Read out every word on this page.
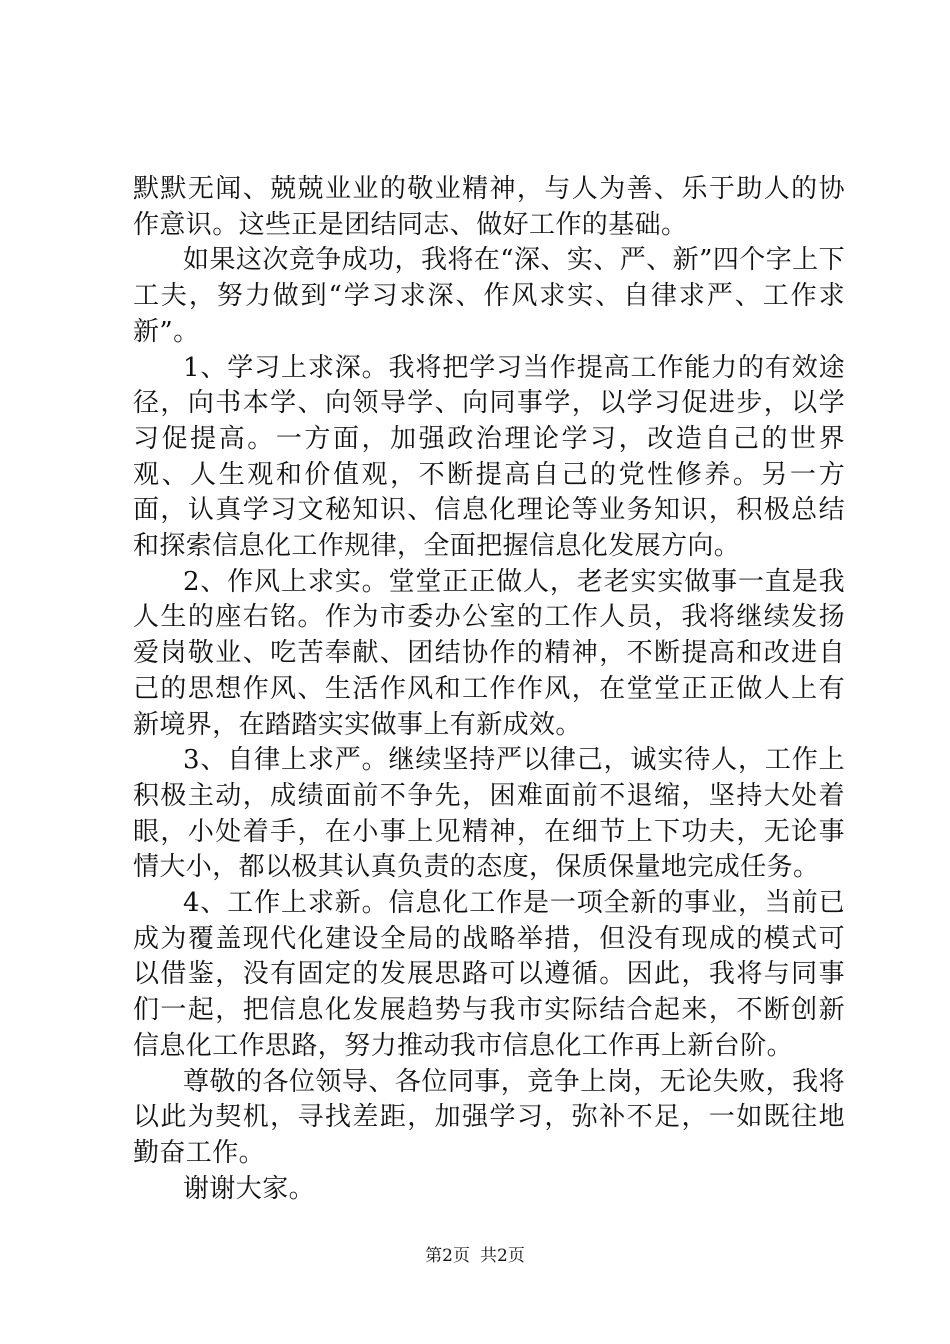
默默无闻、兢兢业业的敬业精神，与人为善、乐于助人的协作意识。这些正是团结同志、做好工作的基础。

如果这次竞争成功，我将在“深、实、严、新”四个字上下工夫，努力做到“学习求深、作风求实、自律求严、工作求新”。

1、学习上求深。我将把学习当作提高工作能力的有效途径，向书本学、向领导学、向同事学，以学习促进步，以学习促提高。一方面，加强政治理论学习，改造自己的世界观、人生观和价值观，不断提高自己的党性修养。另一方面，认真学习文秘知识、信息化理论等业务知识，积极总结和探索信息化工作规律，全面把握信息化发展方向。

2、作风上求实。堂堂正正做人，老老实实做事一直是我人生的座右铭。作为市委办公室的工作人员，我将继续发扬爱岗敬业、吃苦奉献、团结协作的精神，不断提高和改进自己的思想作风、生活作风和工作作风，在堂堂正正做人上有新境界，在踏踏实实做事上有新成效。

3、自律上求严。继续坚持严以律己，诚实待人，工作上积极主动，成绩面前不争先，困难面前不退缩，坚持大处着眼，小处着手，在小事上见精神，在细节上下功夫，无论事情大小，都以极其认真负责的态度，保质保量地完成任务。

4、工作上求新。信息化工作是一项全新的事业，当前已成为覆盖现代化建设全局的战略举措，但没有现成的模式可以借鉴，没有固定的发展思路可以遵循。因此，我将与同事们一起，把信息化发展趋势与我市实际结合起来，不断创新信息化工作思路，努力推动我市信息化工作再上新台阶。

尊敬的各位领导、各位同事，竞争上岗，无论失败，我将以此为契机，寻找差距，加强学习，弥补不足，一如既往地勤奋工作。

谢谢大家。

第2页 共2页
